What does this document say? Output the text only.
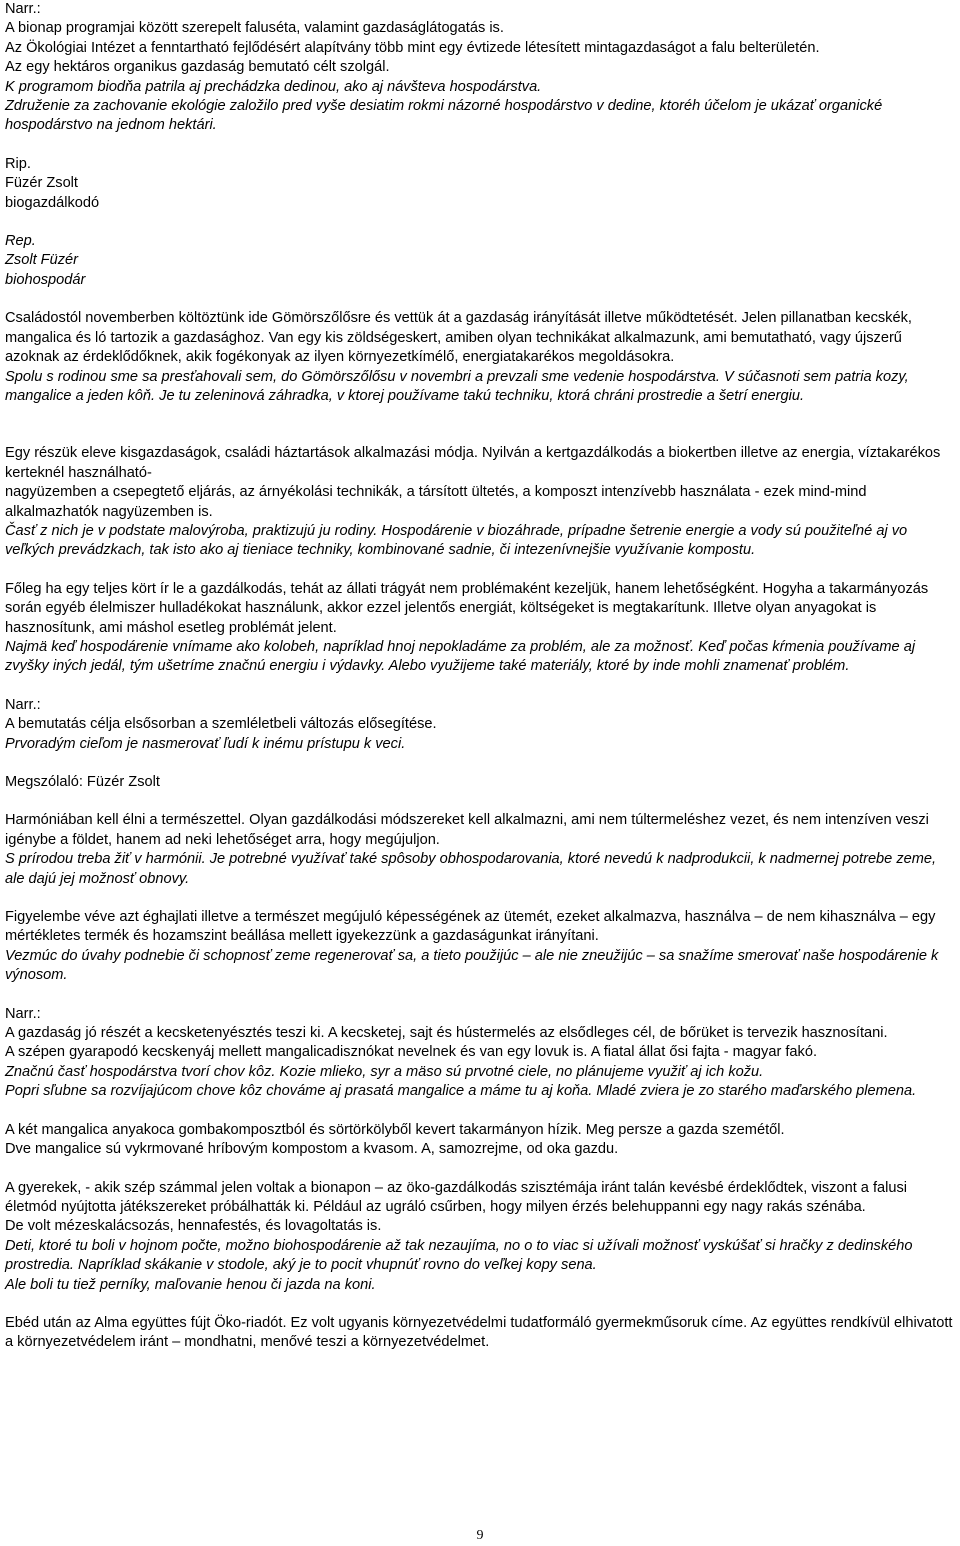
Narr.:

A bionap programjai között szerepelt faluséta, valamint gazdaságlátogatás is.

Az Ökológiai Intézet a fenntartható fejlődésért alapítvány több mint egy évtizede létesített mintagazdaságot a falu belterületén.

Az egy hektáros organikus gazdaság bemutató célt szolgál.

K programom biodňa patrila aj prechádzka dedinou, ako aj návšteva hospodárstva.

Združenie za zachovanie ekológie založilo pred vyše desiatim rokmi názorné hospodárstvo v dedine, ktoréh účelom je ukázať organické hospodárstvo na jednom hektári.

Rip.

Füzér Zsolt

biogazdálkodó

Rep.

Zsolt Füzér

biohospodár

Családostól novemberben költöztünk ide Gömörszőlősre és vettük át a gazdaság irányítását illetve működtetését. Jelen pillanatban kecskék, mangalica és ló tartozik a gazdasághoz. Van egy kis zöldségeskert, amiben olyan technikákat alkalmazunk, ami bemutatható, vagy újszerű azoknak az érdeklődőknek, akik fogékonyak az ilyen környezetkímélő, energiatakarékos megoldásokra.

Spolu s rodinou sme sa presťahovali sem, do Gömörszőlősu v novembri a prevzali sme vedenie hospodárstva. V súčasnoti sem patria kozy, mangalice a jeden kôň. Je tu zeleninová záhradka, v ktorej používame takú techniku, ktorá chráni prostredie a šetrí energiu.

Egy részük eleve kisgazdaságok, családi háztartások alkalmazási módja. Nyilván a kertgazdálkodás a biokertben illetve az energia, víztakarékos kerteknél használható-

nagyüzemben a csepegtető eljárás, az árnyékolási technikák, a társított ültetés, a komposzt intenzívebb használata - ezek mind-mind alkalmazhatók nagyüzemben is.

Časť z nich je v podstate malovýroba, praktizujú ju rodiny. Hospodárenie v biozáhrade, prípadne šetrenie energie a vody sú použiteľné aj vo veľkých prevádzkach, tak isto ako aj tieniace techniky, kombinované sadnie, či intezenívnejšie využívanie kompostu.

Főleg ha egy teljes kört ír le a gazdálkodás, tehát az állati trágyát nem problémaként kezeljük, hanem lehetőségként. Hogyha a takarmányozás során egyéb élelmiszer hulladékokat használunk, akkor ezzel jelentős energiát, költségeket is megtakarítunk. Illetve olyan anyagokat is hasznosítunk, ami máshol esetleg problémát jelent.

Najmä keď hospodárenie vnímame ako kolobeh, napríklad hnoj nepokladáme za problém, ale za možnosť. Keď počas kŕmenia používame aj zvyšky iných jedál, tým ušetríme značnú energiu i výdavky. Alebo využijeme také materiály, ktoré by inde mohli znamenať problém.

Narr.:

A bemutatás célja elsősorban a szemléletbeli változás elősegítése.

Prvoradým cieľom je nasmerovať ľudí k inému prístupu k veci.

Megszólaló: Füzér Zsolt

Harmóniában kell élni a természettel. Olyan gazdálkodási módszereket kell alkalmazni, ami nem túltermeléshez vezet, és nem intenzíven veszi igénybe a földet, hanem ad neki lehetőséget arra, hogy megújuljon.

S prírodou treba žiť v harmónii. Je potrebné využívať také spôsoby obhospodarovania, ktoré nevedú k nadprodukcii, k nadmernej potrebe zeme, ale dajú jej možnosť obnovy.

Figyelembe véve azt éghajlati illetve a természet megújuló képességének az ütemét, ezeket alkalmazva, használva – de nem kihasználva – egy mértékletes termék és hozamszint beállása mellett igyekezzünk a gazdaságunkat irányítani.

Vezmúc do úvahy podnebie či schopnosť zeme regenerovať sa, a tieto použijúc – ale nie zneužijúc – sa snažíme smerovať naše hospodárenie k výnosom.

Narr.:

A gazdaság jó részét a kecsketenyésztés teszi ki. A kecsketej, sajt és hústermelés az elsődleges cél, de bőrüket is tervezik hasznosítani.

A szépen gyarapodó kecskenyáj mellett mangalicadisznókat nevelnek és van egy lovuk is. A fiatal állat ősi fajta - magyar fakó.

Značnú časť hospodárstva tvorí chov kôz. Kozie mlieko, syr a mäso sú prvotné ciele, no plánujeme využiť aj ich kožu.

Popri sľubne sa rozvíjajúcom chove kôz chováme aj prasatá mangalice a máme tu aj koňa. Mladé zviera je zo starého maďarského plemena.

A két mangalica anyakoca gombakomposztból és sörtörkölyből kevert takarmányon hízik. Meg persze a gazda szemétől.

Dve mangalice sú vykrmované hríbovým kompostom a kvasom. A, samozrejme, od oka gazdu.

A gyerekek, - akik szép számmal jelen voltak a bionapon – az öko-gazdálkodás szisztémája iránt talán kevésbé érdeklődtek, viszont a falusi életmód nyújtotta játékszereket próbálhatták ki. Például az ugráló csűrben, hogy milyen érzés belehuppanni egy nagy rakás szénába.

De volt mézeskalácsozás, hennafestés, és lovagoltatás is.

Deti, ktoré tu boli v hojnom počte, možno biohospodárenie až tak nezaujíma, no o to viac si užívali možnosť vyskúšať si hračky z dedinského prostredia. Napríklad skákanie v stodole, aký je to pocit vhupnúť rovno do veľkej kopy sena.

Ale boli tu tiež perníky, maľovanie henou či jazda na koni.

Ebéd után az Alma együttes fújt Öko-riadót. Ez volt ugyanis környezetvédelmi tudatformáló gyermekműsoruk címe. Az együttes rendkívül elhivatott a környezetvédelem iránt – mondhatni, menővé teszi a környezetvédelmet.

9
